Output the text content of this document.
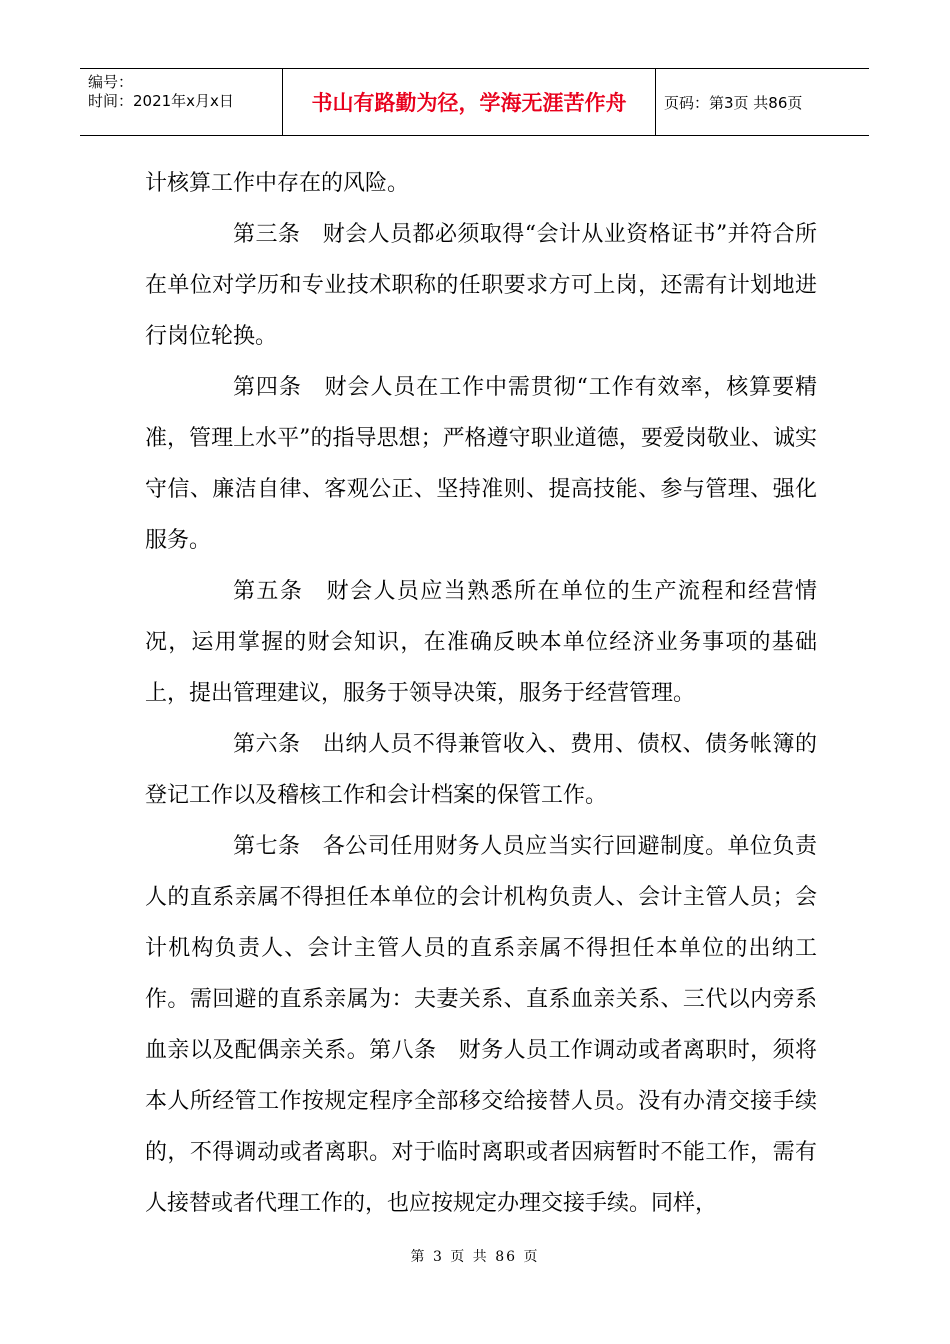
编号：
时间：2021年x月x日	书山有路勤为径，学海无涯苦作舟	页码：第3页 共86页

计核算工作中存在的风险。

第三条　财会人员都必须取得“会计从业资格证书”并符合所在单位对学历和专业技术职称的任职要求方可上岗，还需有计划地进行岗位轮换。

第四条　财会人员在工作中需贯彻“工作有效率，核算要精准，管理上水平”的指导思想；严格遵守职业道德，要爱岗敬业、诚实守信、廉洁自律、客观公正、坚持准则、提高技能、参与管理、强化服务。

第五条　财会人员应当熟悉所在单位的生产流程和经营情况，运用掌握的财会知识，在准确反映本单位经济业务事项的基础上，提出管理建议，服务于领导决策，服务于经营管理。

第六条　出纳人员不得兼管收入、费用、债权、债务帐簿的登记工作以及稽核工作和会计档案的保管工作。

第七条　各公司任用财务人员应当实行回避制度。单位负责人的直系亲属不得担任本单位的会计机构负责人、会计主管人员；会计机构负责人、会计主管人员的直系亲属不得担任本单位的出纳工作。需回避的直系亲属为：夫妻关系、直系血亲关系、三代以内旁系血亲以及配偶亲关系。第八条　财务人员工作调动或者离职时，须将本人所经管工作按规定程序全部移交给接替人员。没有办清交接手续的，不得调动或者离职。对于临时离职或者因病暂时不能工作，需有人接替或者代理工作的，也应按规定办理交接手续。同样，

第 3 页 共 86 页
